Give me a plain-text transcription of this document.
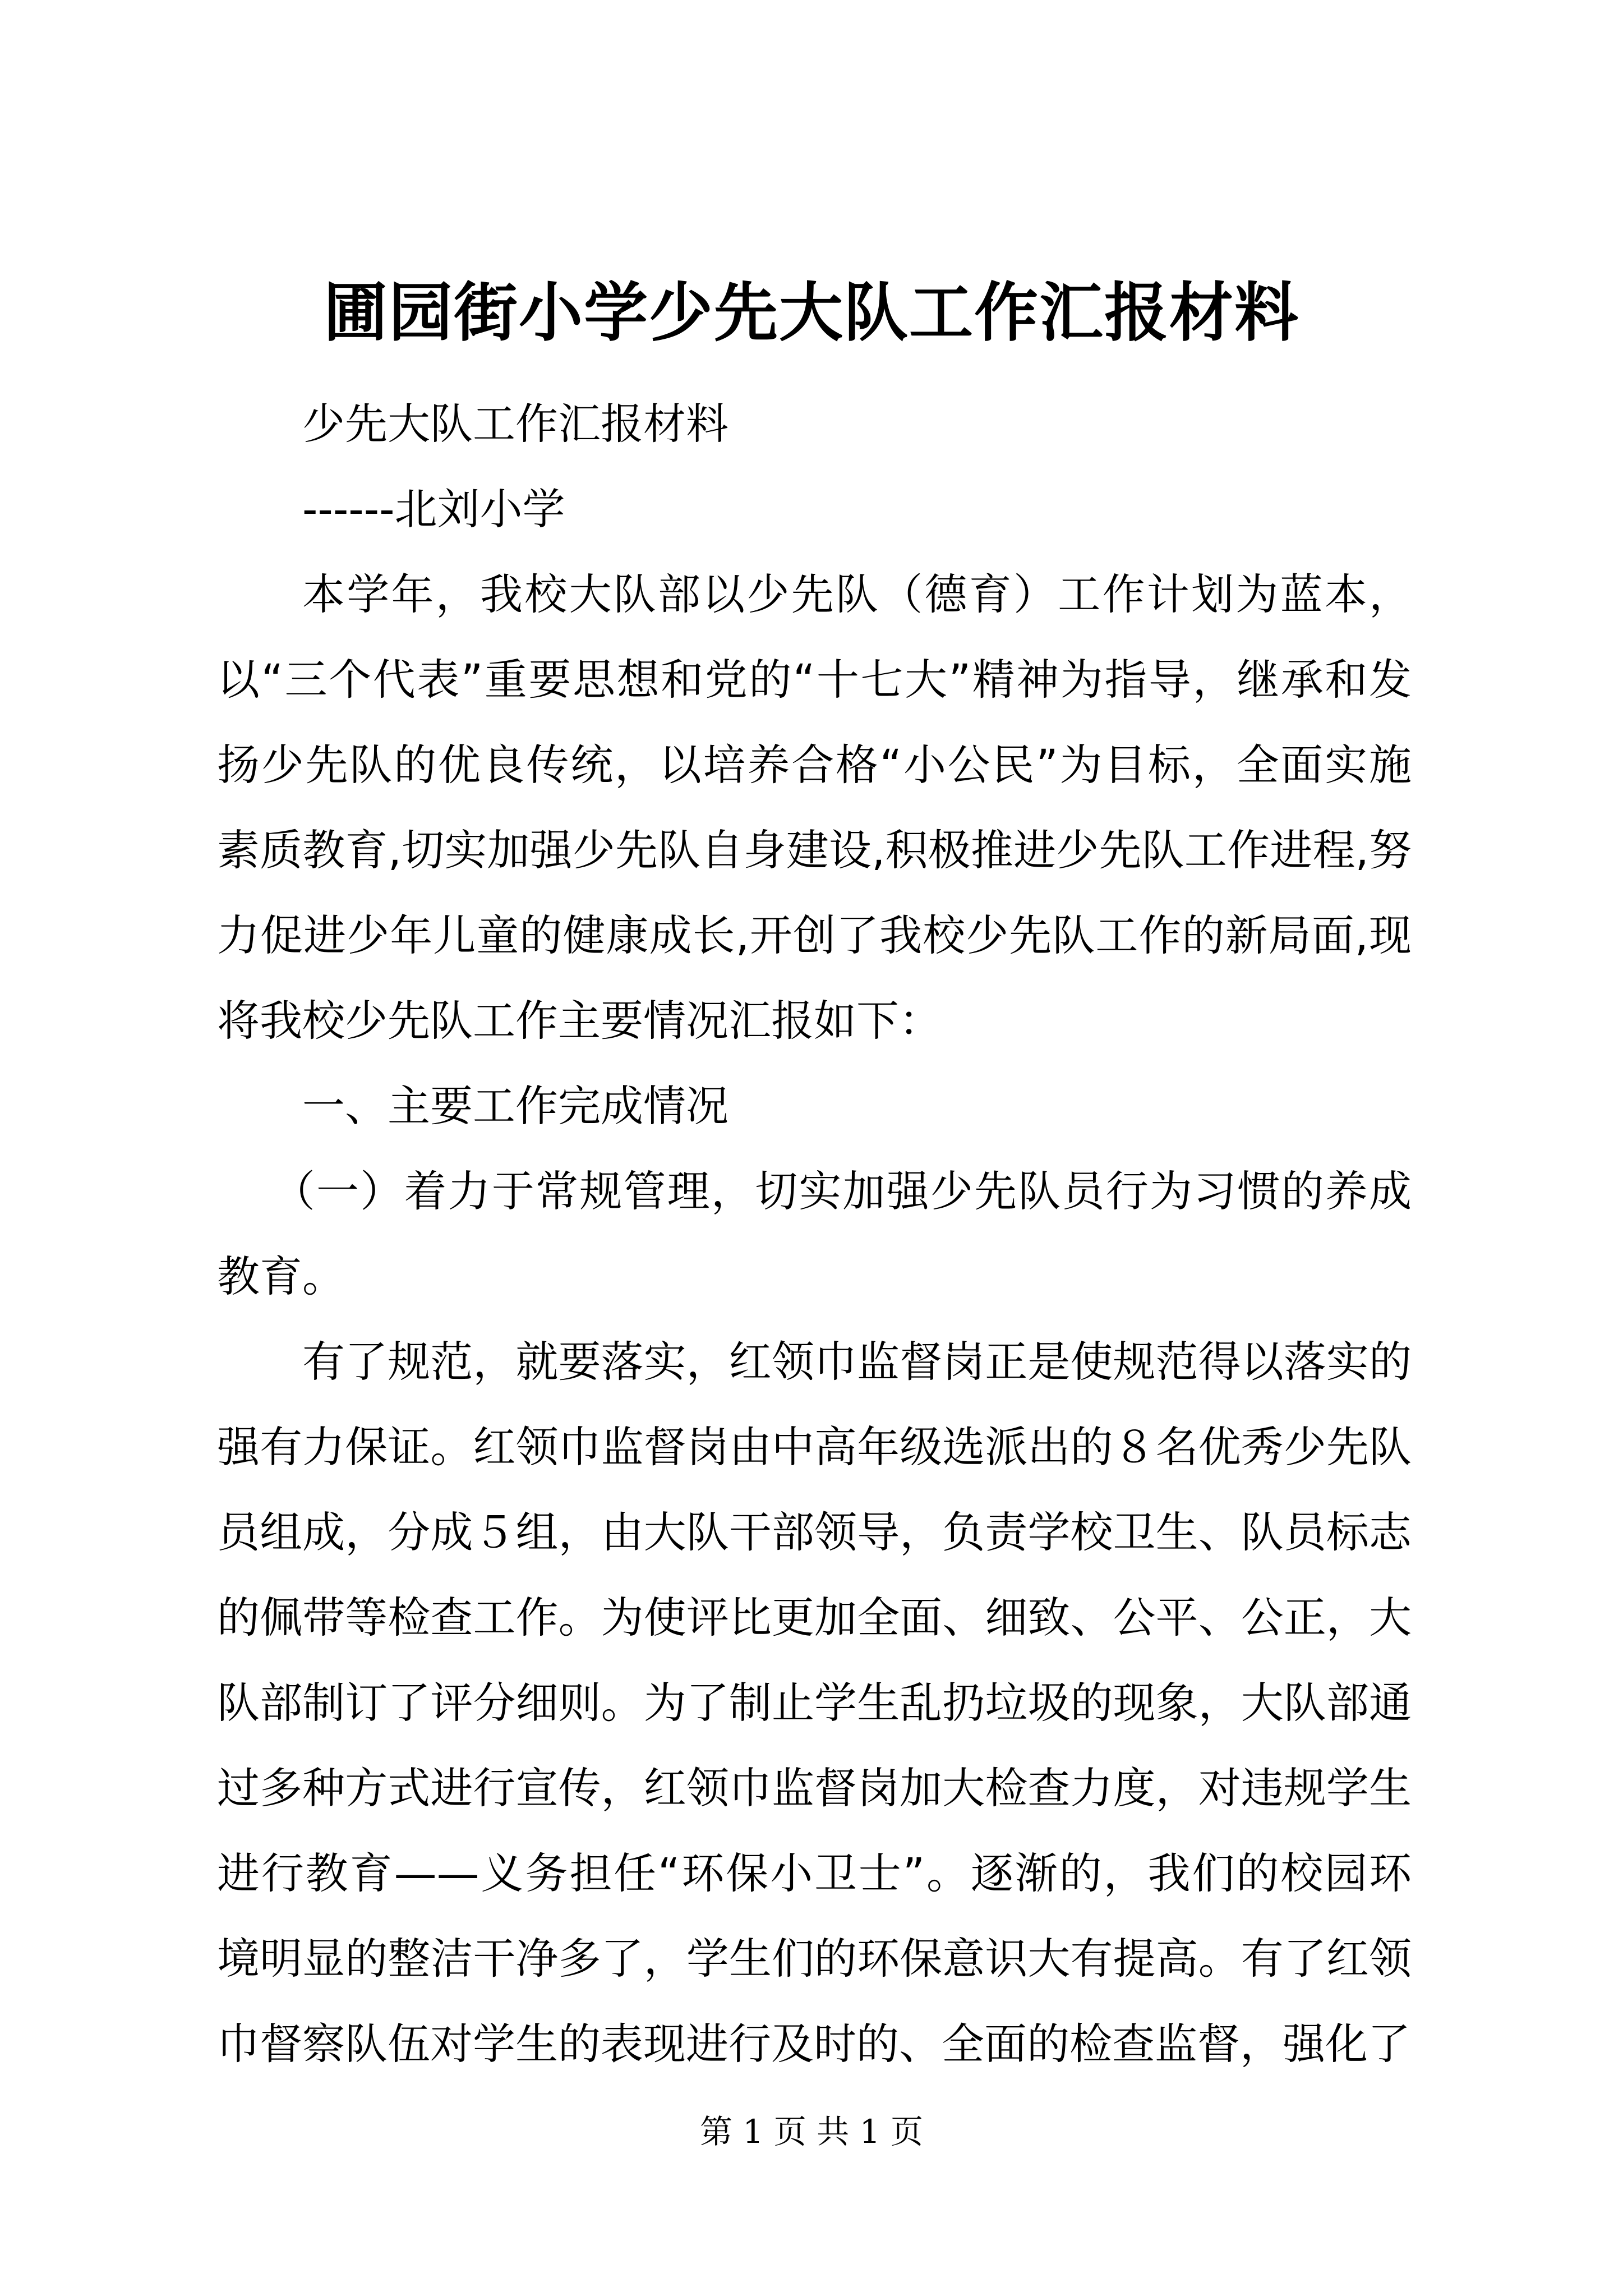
圃园街小学少先大队工作汇报材料

少先大队工作汇报材料

------北刘小学

本学年，我校大队部以少先队（德育）工作计划为蓝本，以“三个代表”重要思想和党的“十七大”精神为指导，继承和发扬少先队的优良传统，以培养合格“小公民”为目标，全面实施素质教育,切实加强少先队自身建设,积极推进少先队工作进程,努力促进少年儿童的健康成长,开创了我校少先队工作的新局面,现将我校少先队工作主要情况汇报如下：

一、主要工作完成情况

（一）着力于常规管理，切实加强少先队员行为习惯的养成教育。

有了规范，就要落实，红领巾监督岗正是使规范得以落实的强有力保证。红领巾监督岗由中高年级选派出的８名优秀少先队员组成，分成５组，由大队干部领导，负责学校卫生、队员标志的佩带等检查工作。为使评比更加全面、细致、公平、公正，大队部制订了评分细则。为了制止学生乱扔垃圾的现象，大队部通过多种方式进行宣传，红领巾监督岗加大检查力度，对违规学生进行教育——义务担任“环保小卫士”。逐渐的，我们的校园环境明显的整洁干净多了，学生们的环保意识大有提高。有了红领巾督察队伍对学生的表现进行及时的、全面的检查监督，强化了

第 1 页 共 1 页
